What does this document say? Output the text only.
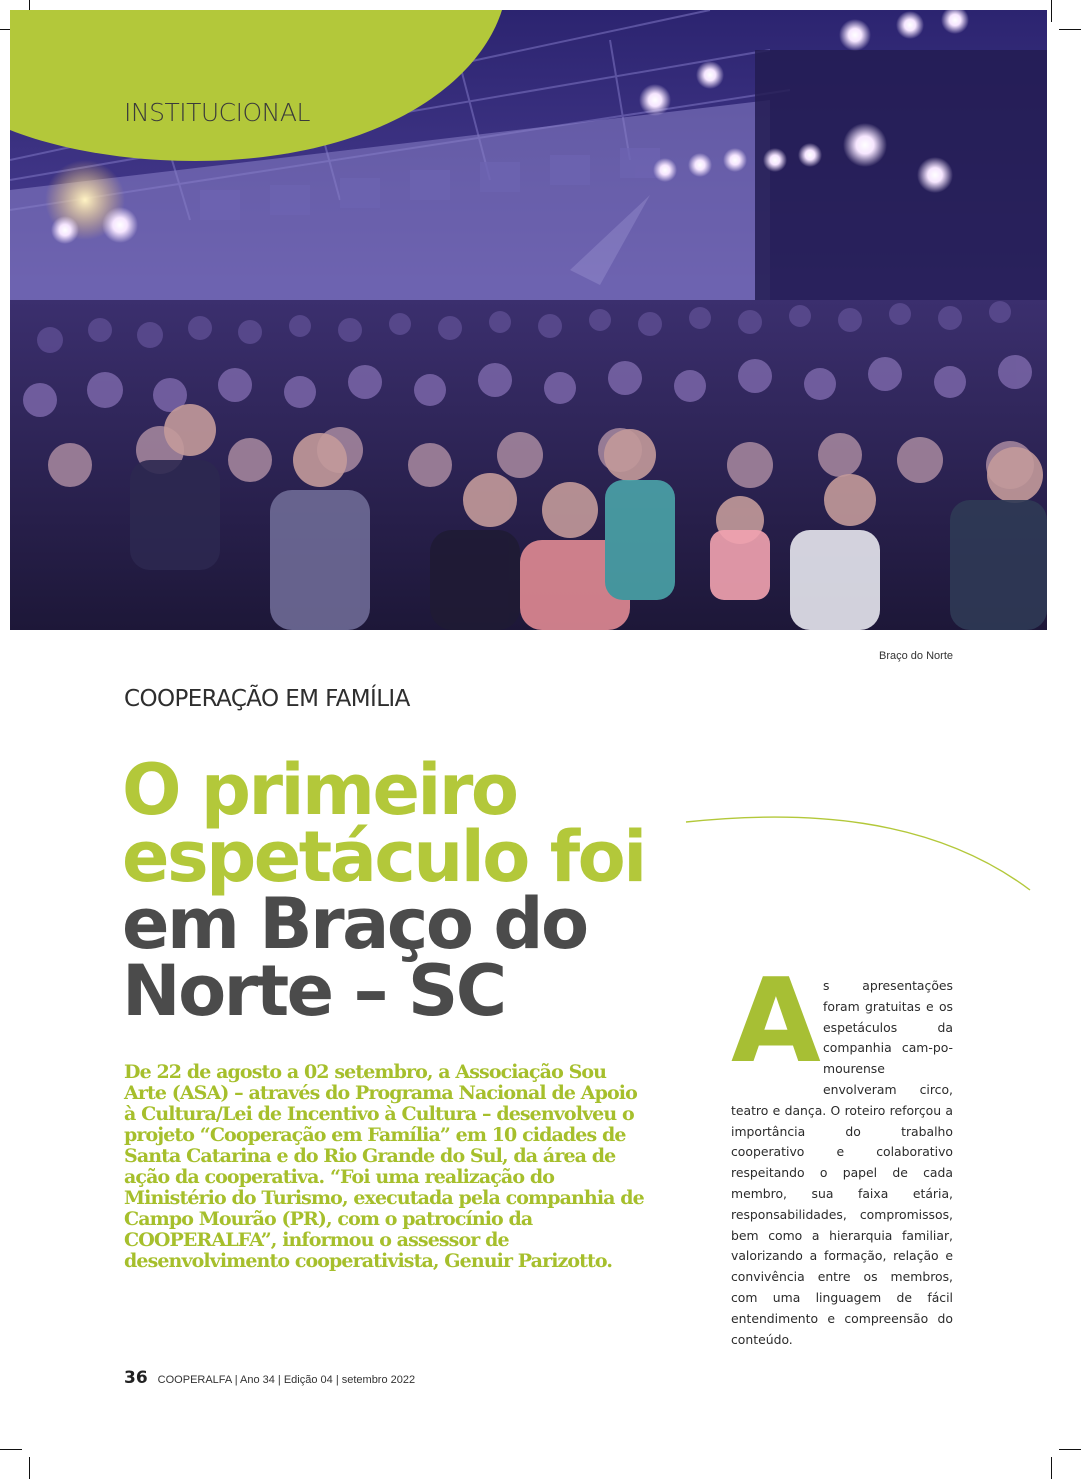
INSTITUCIONAL
Braço do Norte
COOPERAÇÃO EM FAMÍLIA
O primeiro
espetáculo foi
em Braço do
Norte – SC

De 22 de agosto a 02 setembro, a Associação Sou Arte (ASA) – através do Programa Nacional de Apoio à Cultura/Lei de Incentivo à Cultura – desenvolveu o projeto “Cooperação em Família” em 10 cidades de Santa Catarina e do Rio Grande do Sul, da área de ação da cooperativa. “Foi uma realização do Ministério do Turismo, executada pela companhia de Campo Mourão (PR), com o patrocínio da COOPERALFA”, informou o assessor de desenvolvimento cooperativista, Genuir Parizotto.

As apresentações foram gratuitas e os espetáculos da companhia cam-po-mourense envolveram circo, teatro e dança. O roteiro reforçou a importância do trabalho cooperativo e colaborativo respeitando o papel de cada membro, sua faixa etária, responsabilidades, compromissos, bem como a hierarquia familiar, valorizando a formação, relação e convivência entre os membros, com uma linguagem de fácil entendimento e compreensão do conteúdo.
36 COOPERALFA | Ano 34 | Edição 04 | setembro 2022
